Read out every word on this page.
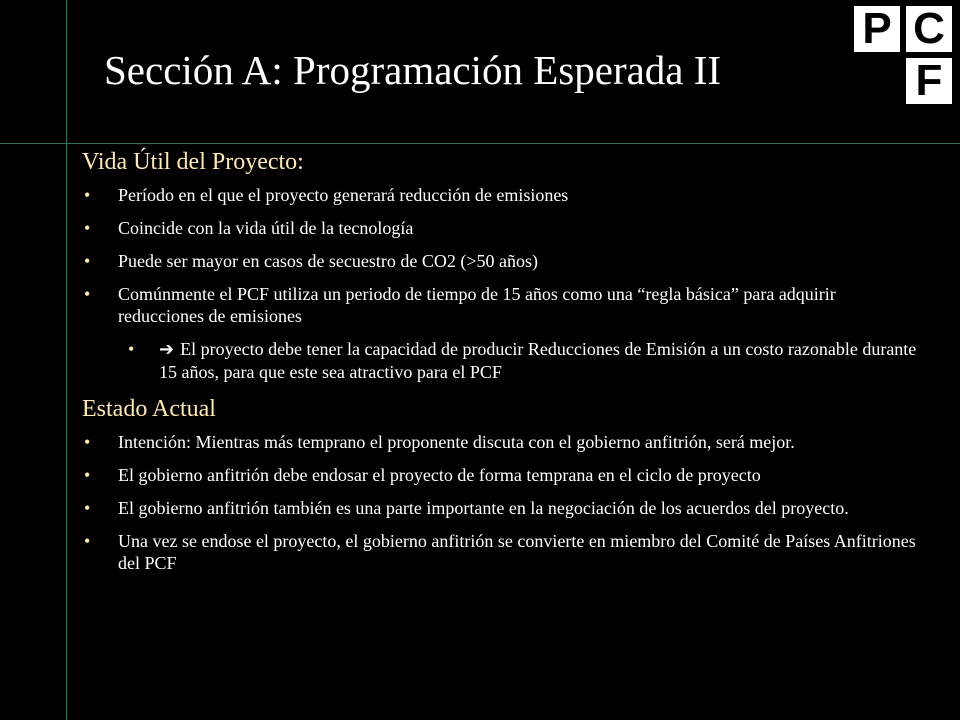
Sección A: Programación Esperada II
P C
F
Vida Útil del Proyecto:
• Período en el que el proyecto generará reducción de emisiones
• Coincide con la vida útil de la tecnología
• Puede ser mayor en casos de secuestro de CO2 (>50 años)
• Comúnmente el PCF utiliza un periodo de tiempo de 15 años como una “regla básica” para adquirir reducciones de emisiones
• ➔ El proyecto debe tener la capacidad de producir Reducciones de Emisión a un costo razonable durante 15 años, para que este sea atractivo para el PCF
Estado Actual
• Intención: Mientras más temprano el proponente discuta con el gobierno anfitrión, será mejor.
• El gobierno anfitrión debe endosar el proyecto de forma temprana en el ciclo de proyecto
• El gobierno anfitrión también es una parte importante en la negociación de los acuerdos del proyecto.
• Una vez se endose el proyecto, el gobierno anfitrión se convierte en miembro del Comité de Países Anfitriones del PCF
